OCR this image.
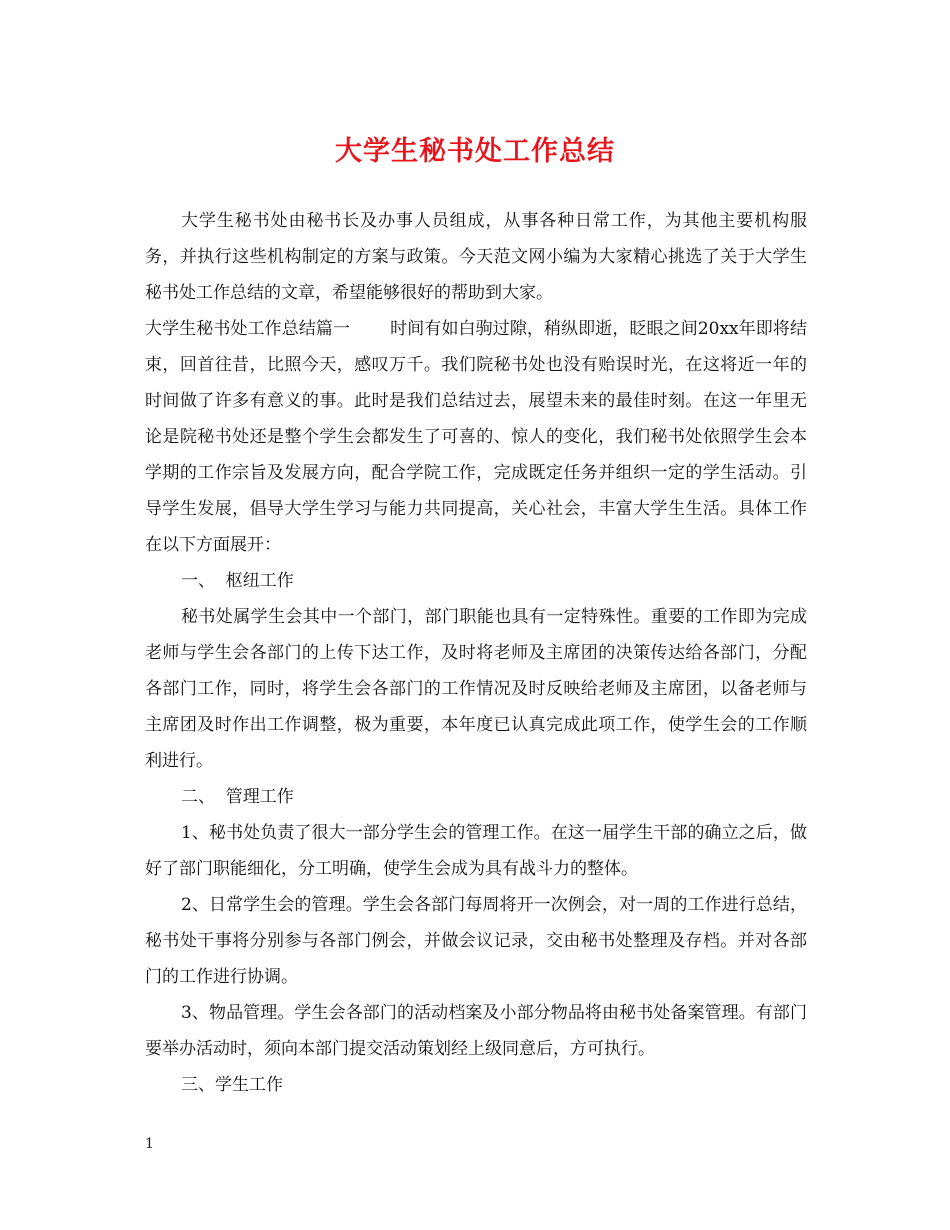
大学生秘书处工作总结

大学生秘书处由秘书长及办事人员组成，从事各种日常工作，为其他主要机构服务，并执行这些机构制定的方案与政策。今天范文网小编为大家精心挑选了关于大学生秘书处工作总结的文章，希望能够很好的帮助到大家。

大学生秘书处工作总结篇一 时间有如白驹过隙，稍纵即逝，眨眼之间20xx年即将结束，回首往昔，比照今天，感叹万千。我们院秘书处也没有贻误时光，在这将近一年的时间做了许多有意义的事。此时是我们总结过去，展望未来的最佳时刻。在这一年里无论是院秘书处还是整个学生会都发生了可喜的、惊人的变化，我们秘书处依照学生会本学期的工作宗旨及发展方向，配合学院工作，完成既定任务并组织一定的学生活动。引导学生发展，倡导大学生学习与能力共同提高，关心社会，丰富大学生生活。具体工作在以下方面展开：

一、  枢纽工作

秘书处属学生会其中一个部门，部门职能也具有一定特殊性。重要的工作即为完成老师与学生会各部门的上传下达工作，及时将老师及主席团的决策传达给各部门，分配各部门工作，同时，将学生会各部门的工作情况及时反映给老师及主席团，以备老师与主席团及时作出工作调整，极为重要，本年度已认真完成此项工作，使学生会的工作顺利进行。

二、  管理工作

1、秘书处负责了很大一部分学生会的管理工作。在这一届学生干部的确立之后，做好了部门职能细化，分工明确，使学生会成为具有战斗力的整体。

2、日常学生会的管理。学生会各部门每周将开一次例会，对一周的工作进行总结，秘书处干事将分别参与各部门例会，并做会议记录，交由秘书处整理及存档。并对各部门的工作进行协调。

3、物品管理。学生会各部门的活动档案及小部分物品将由秘书处备案管理。有部门要举办活动时，须向本部门提交活动策划经上级同意后，方可执行。

三、学生工作

1
